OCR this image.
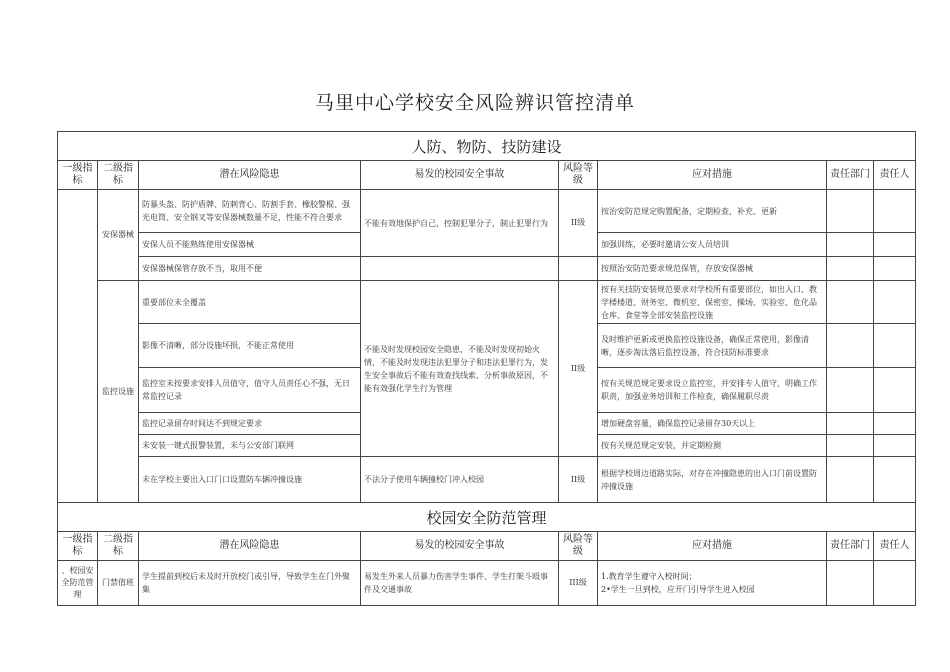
马里中心学校安全风险辨识管控清单
人防、物防、技防建设							
一级指标	二级指标	潜在风险隐患	易发的校园安全事故	风险等级	应对措施	责任部门	责任人
	安保器械	防暴头盔、防护盾牌、防刺背心、防割手套、橡胶警棍、强光电筒、安全钢叉等安保器械数量不足，性能不符合要求	不能有效地保护自己，控制犯罪分子，制止犯罪行为	II级	按治安防范规定购置配备，定期检查，补充、更新		
		安保人员不能熟练使用安保器械			加强训练，必要时邀请公安人员培训		
		安保器械保管存放不当，取用不便			按照治安防范要求规范保管，存放安保器械		
	监控设施	重要部位未全覆盖	不能及时发现校园安全隐患，不能及时发现初始火情，不能及时发现违法犯罪分子和违法犯罪行为，发生安全事故后不能有效查找线索、分析事故原因，不能有效强化学生行为管理	II级	按有关技防安装规范要求对学校所有重要部位，如出入口、教学楼楼道、财务室、微机室、保密室、操场、实验室、危化品仓库、食堂等全部安装监控设施		
		影像不清晰，部分设施坏损，不能正常使用			及时维护更新或更换监控设施设备，确保正常使用，影像清晰，逐步淘汰落后监控设备，符合技防标准要求		
		监控室未按要求安排人员值守，值守人员责任心不强，无日常监控记录			按有关规范规定要求设立监控室，并安排专人值守，明确工作职责，加强业务培训和工作检查，确保履职尽责		
		监控记录留存时间达不到规定要求			增加硬盘容量，确保监控记录留存30天以上		
		未安装一键式报警装置，未与公安部门联网			按有关规范规定安装，并定期检测		
		未在学校主要出入口门口设置防车辆冲撞设施	不法分子使用车辆撞校门冲入校园	II级	根据学校周边道路实际，对存在冲撞隐患的出入口门前设置防冲撞设施		
校园安全防范管理							
一级指标	二级指标	潜在风险隐患	易发的校园安全事故	风险等级	应对措施	责任部门	责任人
、校园安全防范管理	门禁值班	学生提前到校后未及时开放校门或引导，导致学生在门外聚集	易发生外来人员暴力伤害学生事件、学生打架斗殴事件及交通事故	III级	1.教育学生遵守入校时间；
2•学生一旦到校，应开门引导学生进入校园		
